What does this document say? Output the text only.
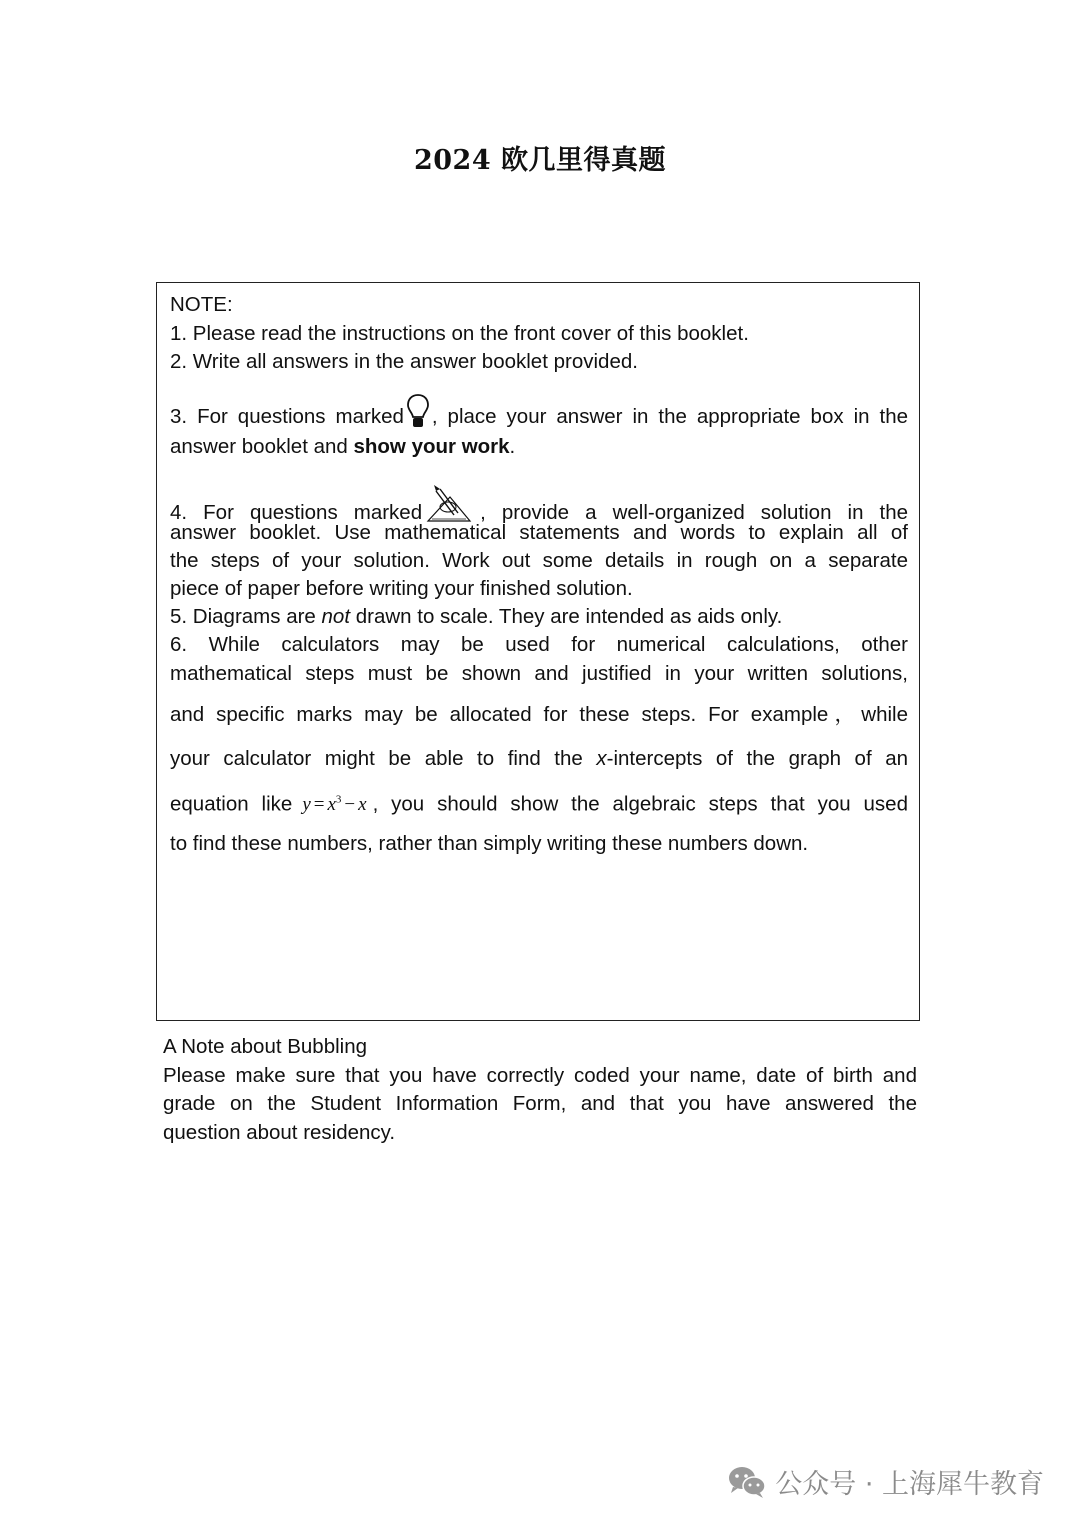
2024 欧几里得真题
NOTE:
1. Please read the instructions on the front cover of this booklet.
2. Write all answers in the answer booklet provided.
3. For questions marked , place your answer in the appropriate box in the
answer booklet and show your work.
4. For questions marked	, provide a well-organized solution in the
answer booklet. Use mathematical statements and words to explain all of
the steps of your solution. Work out some details in rough on a separate
piece of paper before writing your finished solution.
5. Diagrams are not drawn to scale. They are intended as aids only.
6. While calculators may be used for numerical calculations, other
mathematical steps must be shown and justified in your written solutions,
and specific marks may be allocated for these steps. For example，while
your calculator might be able to find the x-intercepts of the graph of an
equation like $y = x^3 - x$ , you should show the algebraic steps that you used
to find these numbers, rather than simply writing these numbers down.
A Note about Bubbling
Please make sure that you have correctly coded your name, date of birth and
grade on the Student Information Form, and that you have answered the
question about residency.
公众号 · 上海犀牛教育
